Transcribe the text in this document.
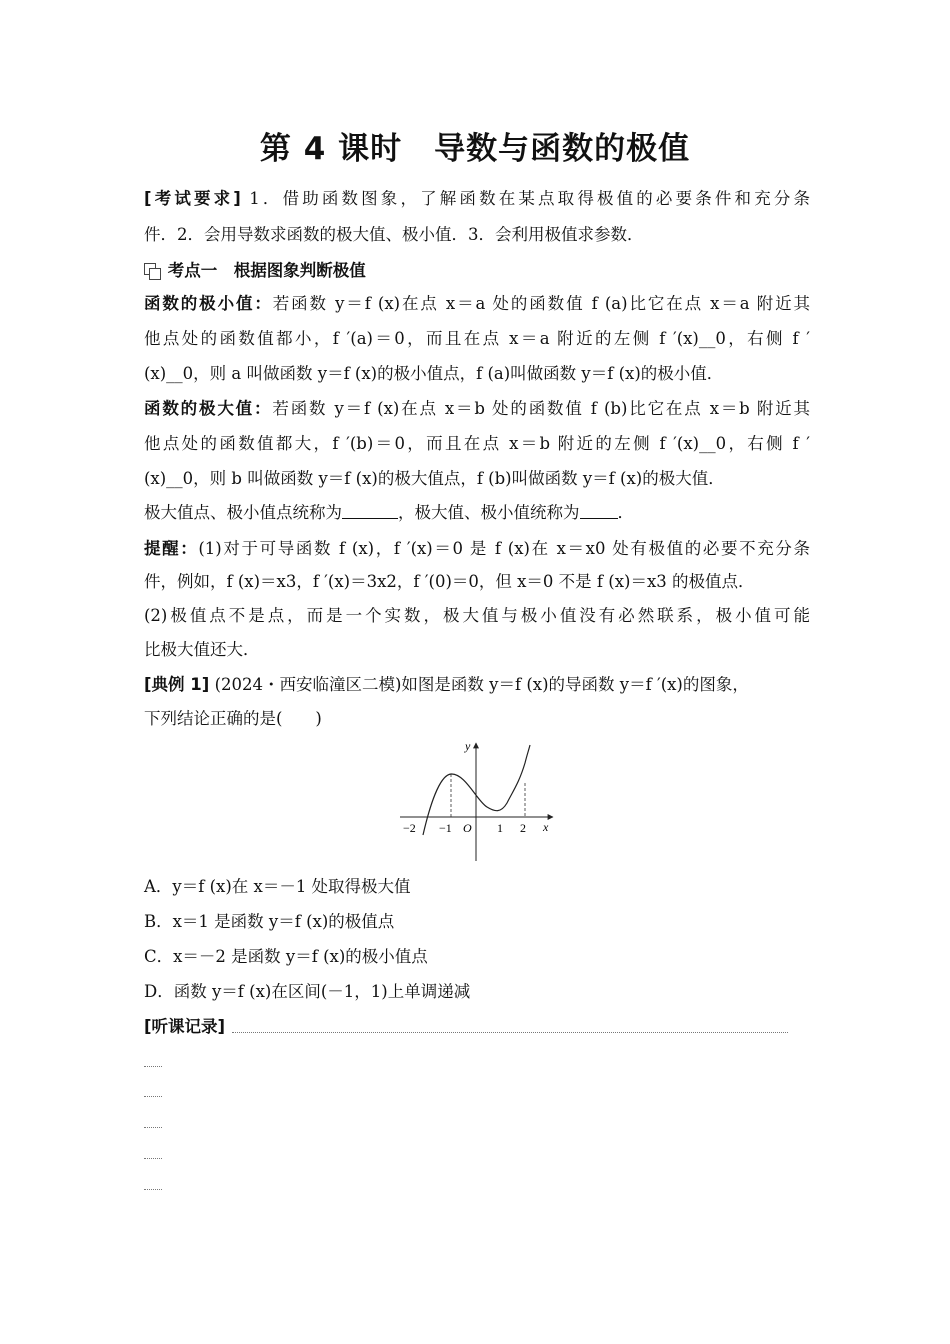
第 4 课时　导数与函数的极值
[考试要求] 1．借助函数图象，了解函数在某点取得极值的必要条件和充分条
件．2．会用导数求函数的极大值、极小值．3．会利用极值求参数．
考点一　根据图象判断极值
函数的极小值：若函数 y＝f (x)在点 x＝a 处的函数值 f (a)比它在点 x＝a 附近其
他点处的函数值都小，f ′(a)＝0，而且在点 x＝a 附近的左侧 f ′(x)__0，右侧 f ′
(x)__0，则 a 叫做函数 y＝f (x)的极小值点，f (a)叫做函数 y＝f (x)的极小值．
函数的极大值：若函数 y＝f (x)在点 x＝b 处的函数值 f (b)比它在点 x＝b 附近其
他点处的函数值都大，f ′(b)＝0，而且在点 x＝b 附近的左侧 f ′(x)__0，右侧 f ′
(x)__0，则 b 叫做函数 y＝f (x)的极大值点，f (b)叫做函数 y＝f (x)的极大值．
极大值点、极小值点统称为	，极大值、极小值统称为 ．
提醒：(1)对于可导函数 f (x)，f ′(x)＝0 是 f (x)在 x＝x0 处有极值的必要不充分条
件，例如，f (x)＝x3，f ′(x)＝3x2，f ′(0)＝0，但 x＝0 不是 f (x)＝x3 的极值点．
(2)极值点不是点，而是一个实数，极大值与极小值没有必然联系，极小值可能
比极大值还大．
[典例 1] (2024・西安临潼区二模)如图是函数 y＝f (x)的导函数 y＝f ′(x)的图象，
下列结论正确的是(　　)
y
x
O
−2 −1	1 2
A．y＝f (x)在 x＝－1 处取得极大值
B．x＝1 是函数 y＝f (x)的极值点
C．x＝－2 是函数 y＝f (x)的极小值点
D．函数 y＝f (x)在区间(－1，1)上单调递减
[听课记录]
